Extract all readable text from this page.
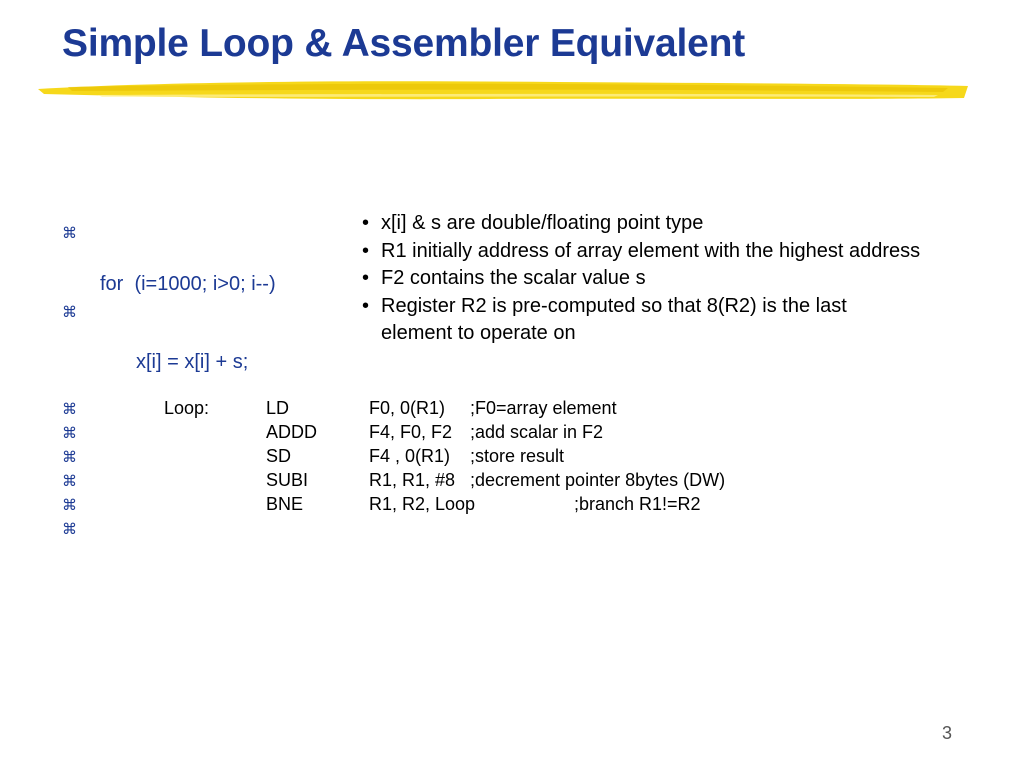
Simple Loop & Assembler Equivalent
⌘
⌘

for  (i=1000; i>0; i--)

x[i] = x[i] + s;

• x[i] & s are double/floating point type
• R1 initially address of array element with the highest address
• F2 contains the scalar value s
• Register R2 is pre-computed so that 8(R2) is the last element to operate on
⌘	Loop:	LD	F0, 0(R1) ;F0=array element
⌘	ADDD	F4, F0, F2 ;add scalar in F2
⌘	SD	F4 , 0(R1) ;store result
⌘	SUBI	R1, R1, #8 ;decrement pointer 8bytes (DW)
⌘	BNE	R1, R2, Loop	;branch R1!=R2
⌘
3
